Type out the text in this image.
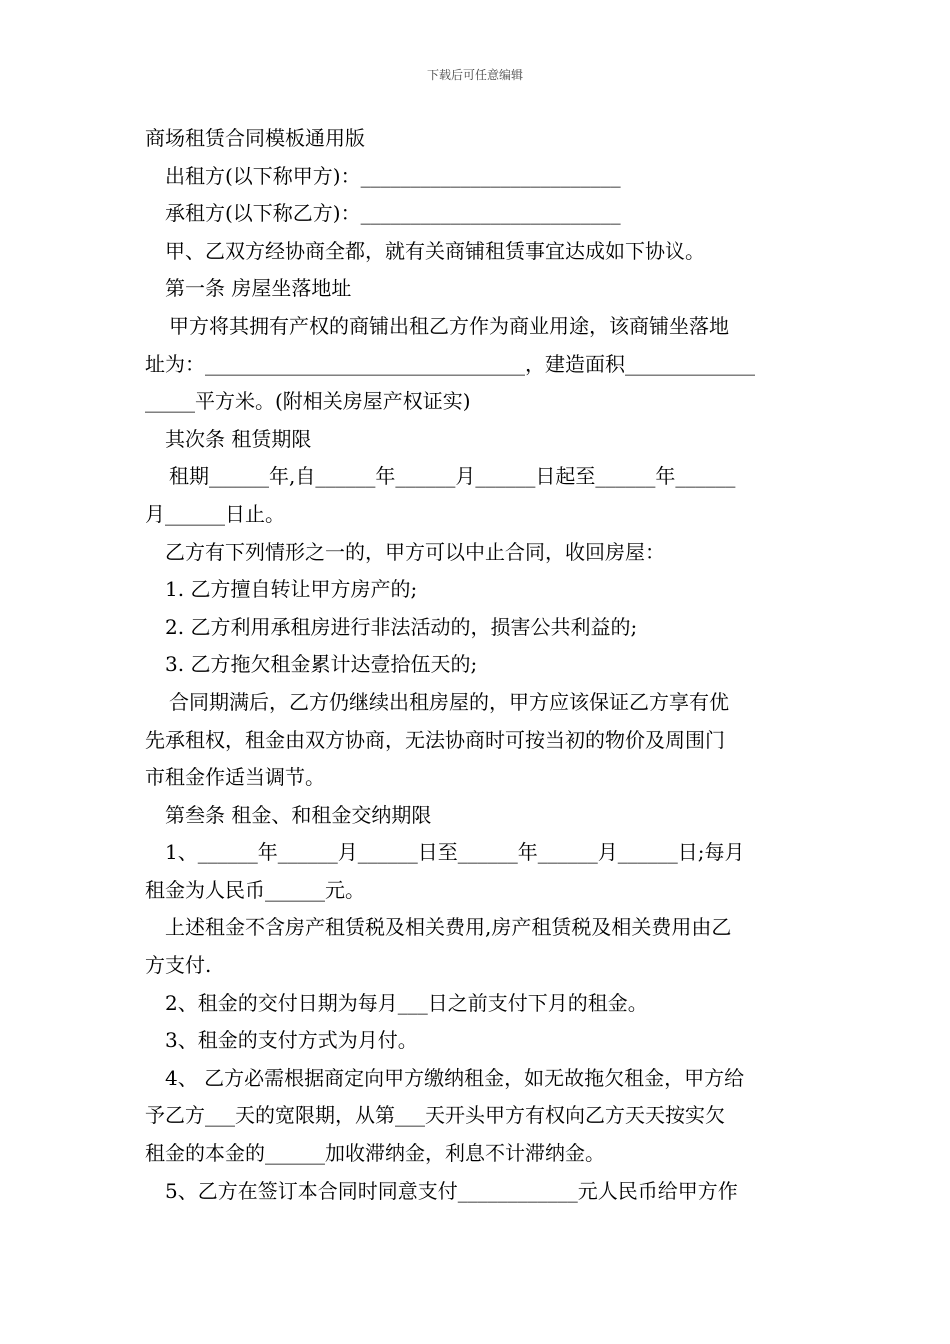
下载后可任意编辑
商场租赁合同模板通用版
出租方(以下称甲方)：__________________________
承租方(以下称乙方)：__________________________
甲、乙双方经协商全都，就有关商铺租赁事宜达成如下协议。
第一条 房屋坐落地址
甲方将其拥有产权的商铺出租乙方作为商业用途，该商铺坐落地
址为：________________________________，建造面积_____________
_____平方米。(附相关房屋产权证实)
其次条 租赁期限
租期______年,自______年______月______日起至______年______
月______日止。
乙方有下列情形之一的，甲方可以中止合同，收回房屋：
1. 乙方擅自转让甲方房产的;
2. 乙方利用承租房进行非法活动的，损害公共利益的;
3. 乙方拖欠租金累计达壹拾伍天的;
合同期满后，乙方仍继续出租房屋的，甲方应该保证乙方享有优
先承租权，租金由双方协商，无法协商时可按当初的物价及周围门
市租金作适当调节。
第叁条 租金、和租金交纳期限
1、______年______月______日至______年______月______日;每月
租金为人民币______元。
上述租金不含房产租赁税及相关费用,房产租赁税及相关费用由乙
方支付.
2、租金的交付日期为每月___日之前支付下月的租金。
3、租金的支付方式为月付。
4、 乙方必需根据商定向甲方缴纳租金，如无故拖欠租金，甲方给
予乙方___天的宽限期，从第___天开头甲方有权向乙方天天按实欠
租金的本金的______加收滞纳金，利息不计滞纳金。
5、乙方在签订本合同时同意支付____________元人民币给甲方作
